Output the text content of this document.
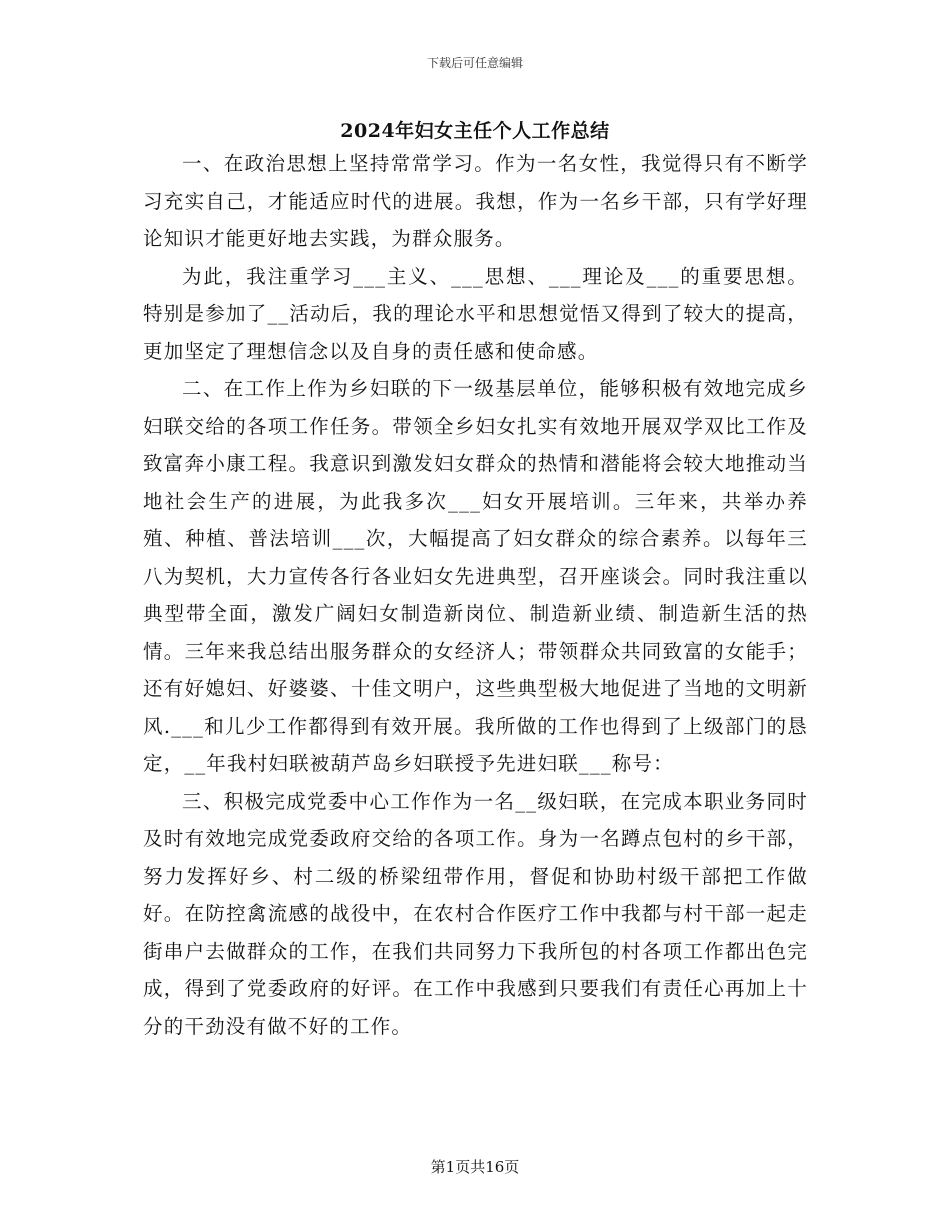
下载后可任意编辑
2024年妇女主任个人工作总结

一、在政治思想上坚持常常学习。作为一名女性，我觉得只有不断学习充实自己，才能适应时代的进展。我想，作为一名乡干部，只有学好理论知识才能更好地去实践，为群众服务。

为此，我注重学习___主义、___思想、___理论及___的重要思想。特别是参加了__活动后，我的理论水平和思想觉悟又得到了较大的提高，更加坚定了理想信念以及自身的责任感和使命感。

二、在工作上作为乡妇联的下一级基层单位，能够积极有效地完成乡妇联交给的各项工作任务。带领全乡妇女扎实有效地开展双学双比工作及致富奔小康工程。我意识到激发妇女群众的热情和潜能将会较大地推动当地社会生产的进展，为此我多次___妇女开展培训。三年来，共举办养殖、种植、普法培训___次，大幅提高了妇女群众的综合素养。以每年三八为契机，大力宣传各行各业妇女先进典型，召开座谈会。同时我注重以典型带全面，激发广阔妇女制造新岗位、制造新业绩、制造新生活的热情。三年来我总结出服务群众的女经济人；带领群众共同致富的女能手；还有好媳妇、好婆婆、十佳文明户，这些典型极大地促进了当地的文明新风.___和儿少工作都得到有效开展。我所做的工作也得到了上级部门的恳定，__年我村妇联被葫芦岛乡妇联授予先进妇联___称号：

三、积极完成党委中心工作作为一名__级妇联，在完成本职业务同时及时有效地完成党委政府交给的各项工作。身为一名蹲点包村的乡干部，努力发挥好乡、村二级的桥梁纽带作用，督促和协助村级干部把工作做好。在防控禽流感的战役中，在农村合作医疗工作中我都与村干部一起走街串户去做群众的工作，在我们共同努力下我所包的村各项工作都出色完成，得到了党委政府的好评。在工作中我感到只要我们有责任心再加上十分的干劲没有做不好的工作。

第1页共16页
